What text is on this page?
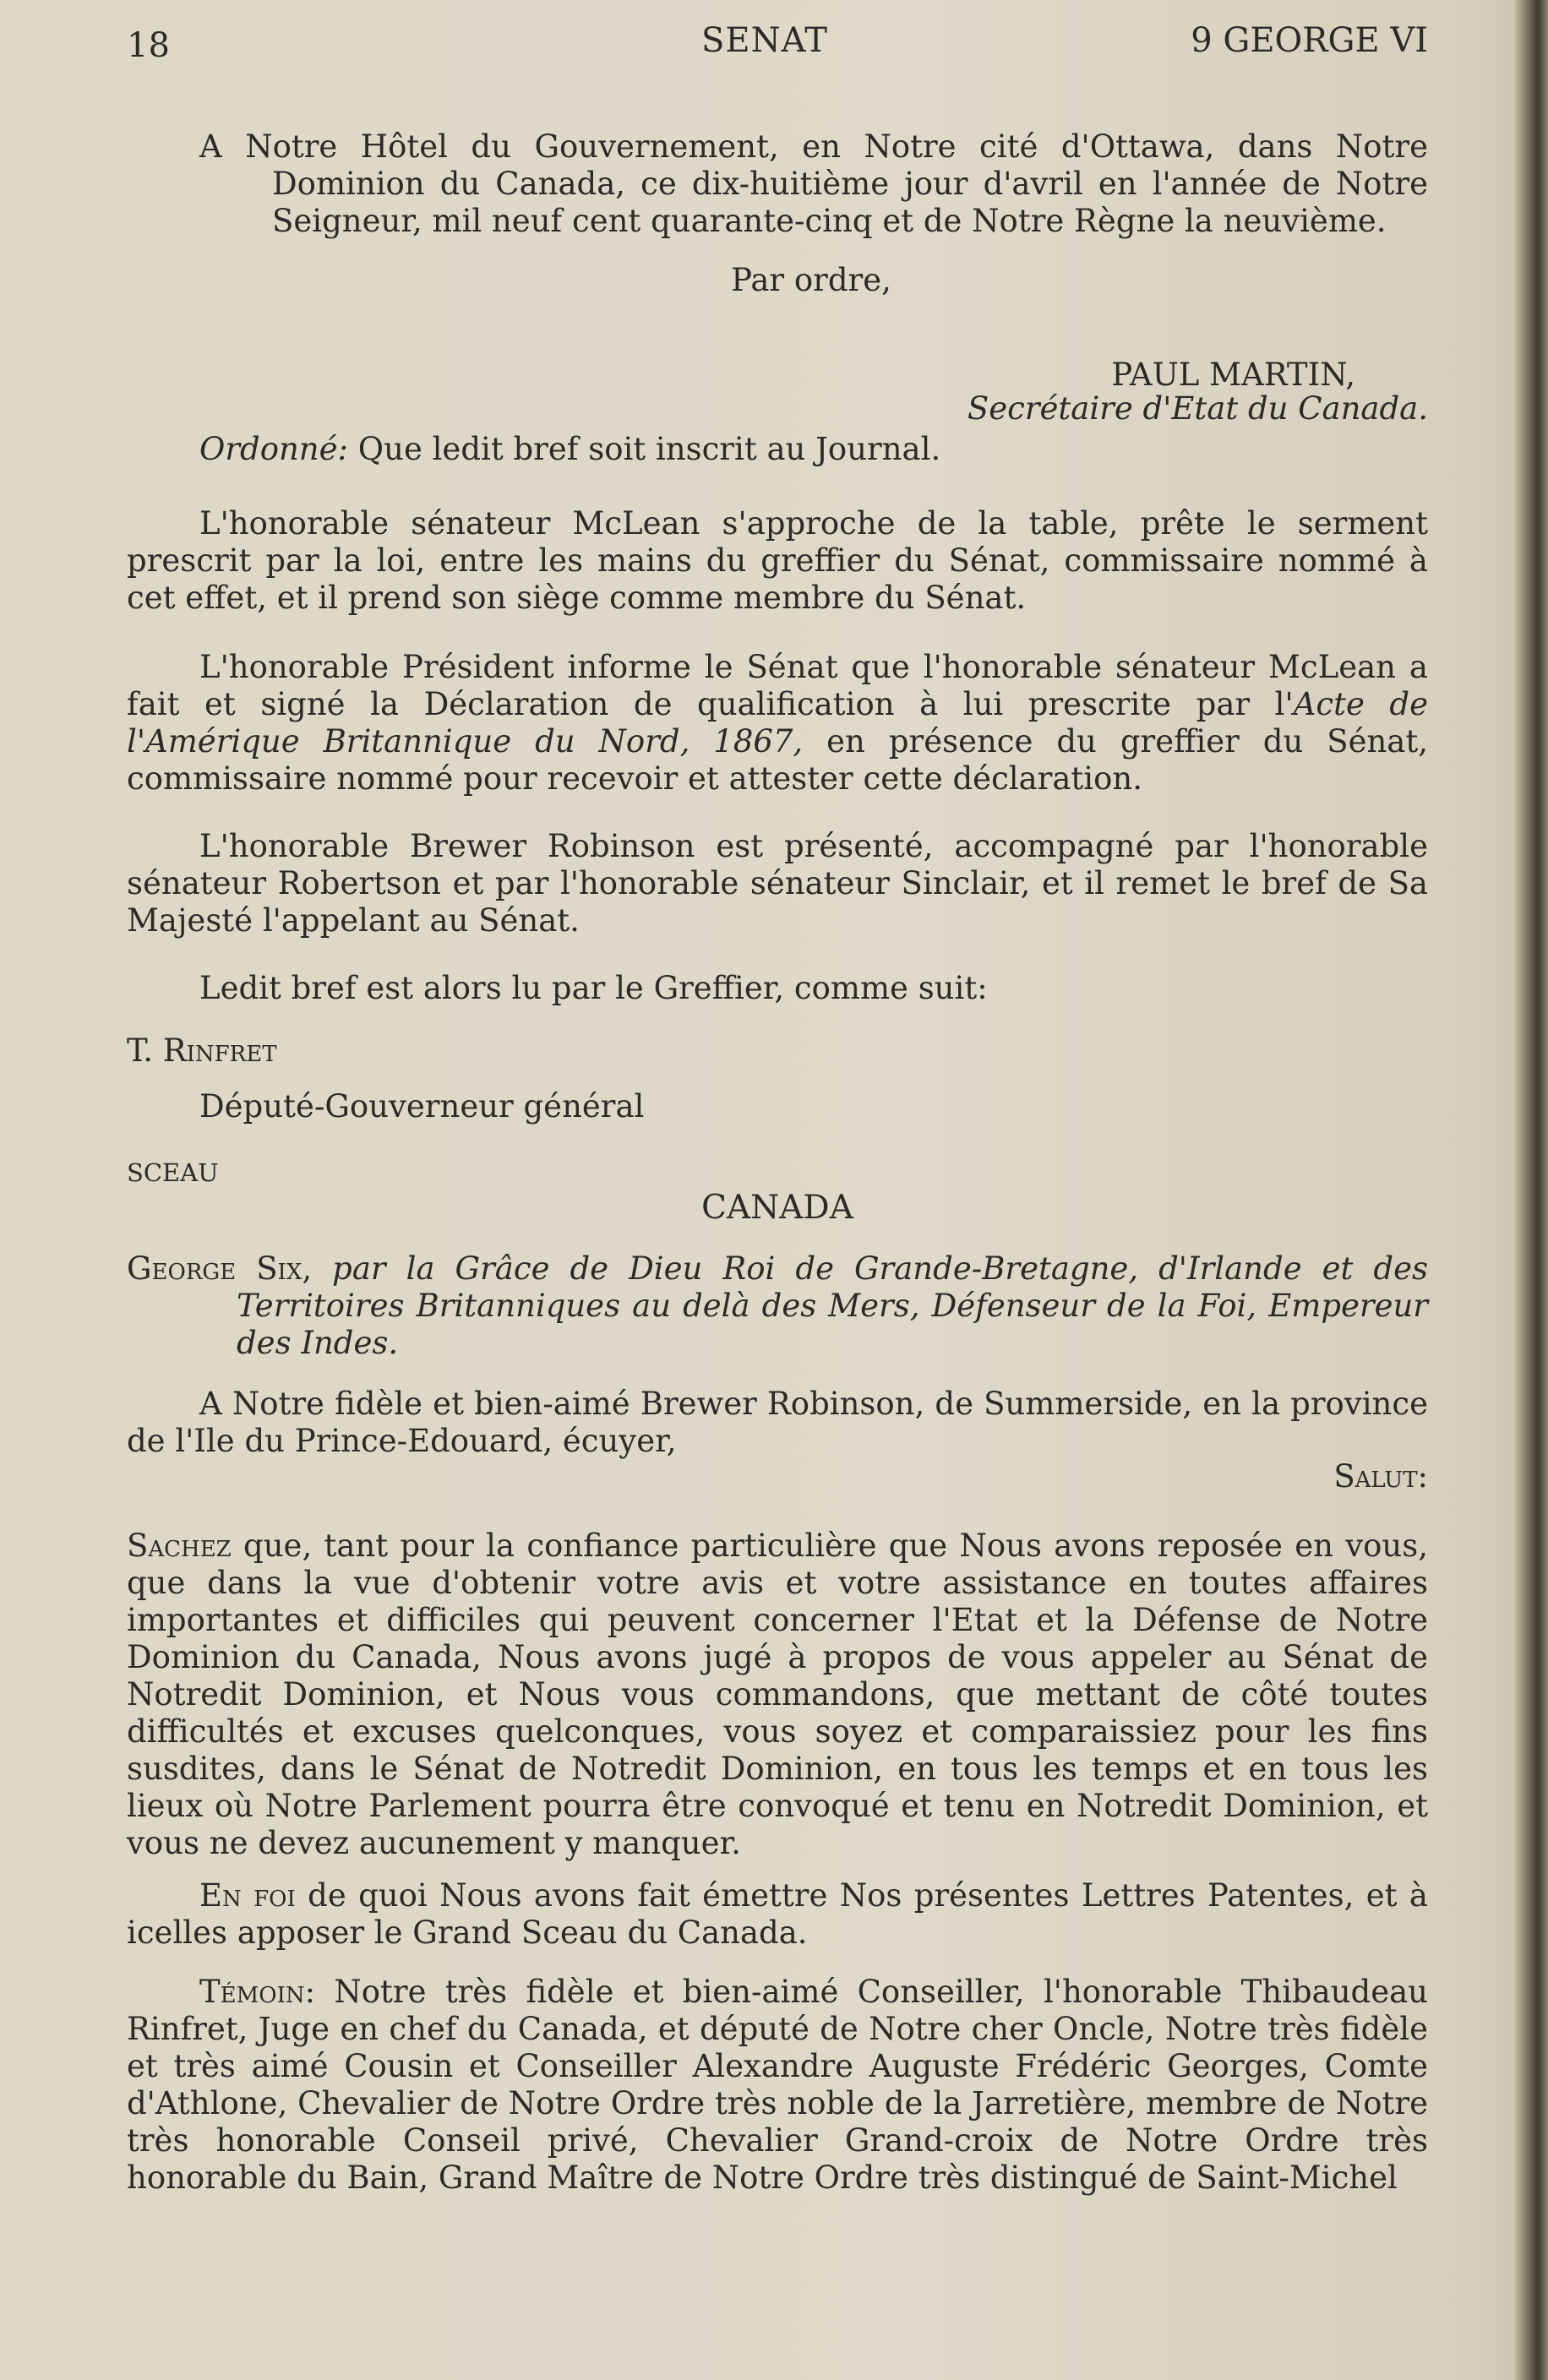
18	SENAT	9 GEORGE VI

A Notre Hôtel du Gouvernement, en Notre cité d'Ottawa, dans Notre Dominion du Canada, ce dix-huitième jour d'avril en l'année de Notre Seigneur, mil neuf cent quarante-cinq et de Notre Règne la neuvième.

Par ordre,

PAUL MARTIN,

Secrétaire d'Etat du Canada.

Ordonné: Que ledit bref soit inscrit au Journal.

L'honorable sénateur McLean s'approche de la table, prête le serment prescrit par la loi, entre les mains du greffier du Sénat, commissaire nommé à cet effet, et il prend son siège comme membre du Sénat.

L'honorable Président informe le Sénat que l'honorable sénateur McLean a fait et signé la Déclaration de qualification à lui prescrite par l'Acte de l'Amérique Britannique du Nord, 1867, en présence du greffier du Sénat, commissaire nommé pour recevoir et attester cette déclaration.

L'honorable Brewer Robinson est présenté, accompagné par l'honorable sénateur Robertson et par l'honorable sénateur Sinclair, et il remet le bref de Sa Majesté l'appelant au Sénat.

Ledit bref est alors lu par le Greffier, comme suit:

T. Rinfret

Député-Gouverneur général

SCEAU

CANADA

George Six, par la Grâce de Dieu Roi de Grande-Bretagne, d'Irlande et des Territoires Britanniques au delà des Mers, Défenseur de la Foi, Empereur des Indes.

A Notre fidèle et bien-aimé Brewer Robinson, de Summerside, en la province de l'Ile du Prince-Edouard, écuyer,

Salut:

Sachez que, tant pour la confiance particulière que Nous avons reposée en vous, que dans la vue d'obtenir votre avis et votre assistance en toutes affaires importantes et difficiles qui peuvent concerner l'Etat et la Défense de Notre Dominion du Canada, Nous avons jugé à propos de vous appeler au Sénat de Notredit Dominion, et Nous vous commandons, que mettant de côté toutes difficultés et excuses quelconques, vous soyez et comparaissiez pour les fins susdites, dans le Sénat de Notredit Dominion, en tous les temps et en tous les lieux où Notre Parlement pourra être convoqué et tenu en Notredit Dominion, et vous ne devez aucunement y manquer.

En foi de quoi Nous avons fait émettre Nos présentes Lettres Patentes, et à icelles apposer le Grand Sceau du Canada.

Témoin: Notre très fidèle et bien-aimé Conseiller, l'honorable Thibaudeau Rinfret, Juge en chef du Canada, et député de Notre cher Oncle, Notre très fidèle et très aimé Cousin et Conseiller Alexandre Auguste Frédéric Georges, Comte d'Athlone, Chevalier de Notre Ordre très noble de la Jarretière, membre de Notre très honorable Conseil privé, Chevalier Grand-croix de Notre Ordre très honorable du Bain, Grand Maître de Notre Ordre très distingué de Saint-Michel
